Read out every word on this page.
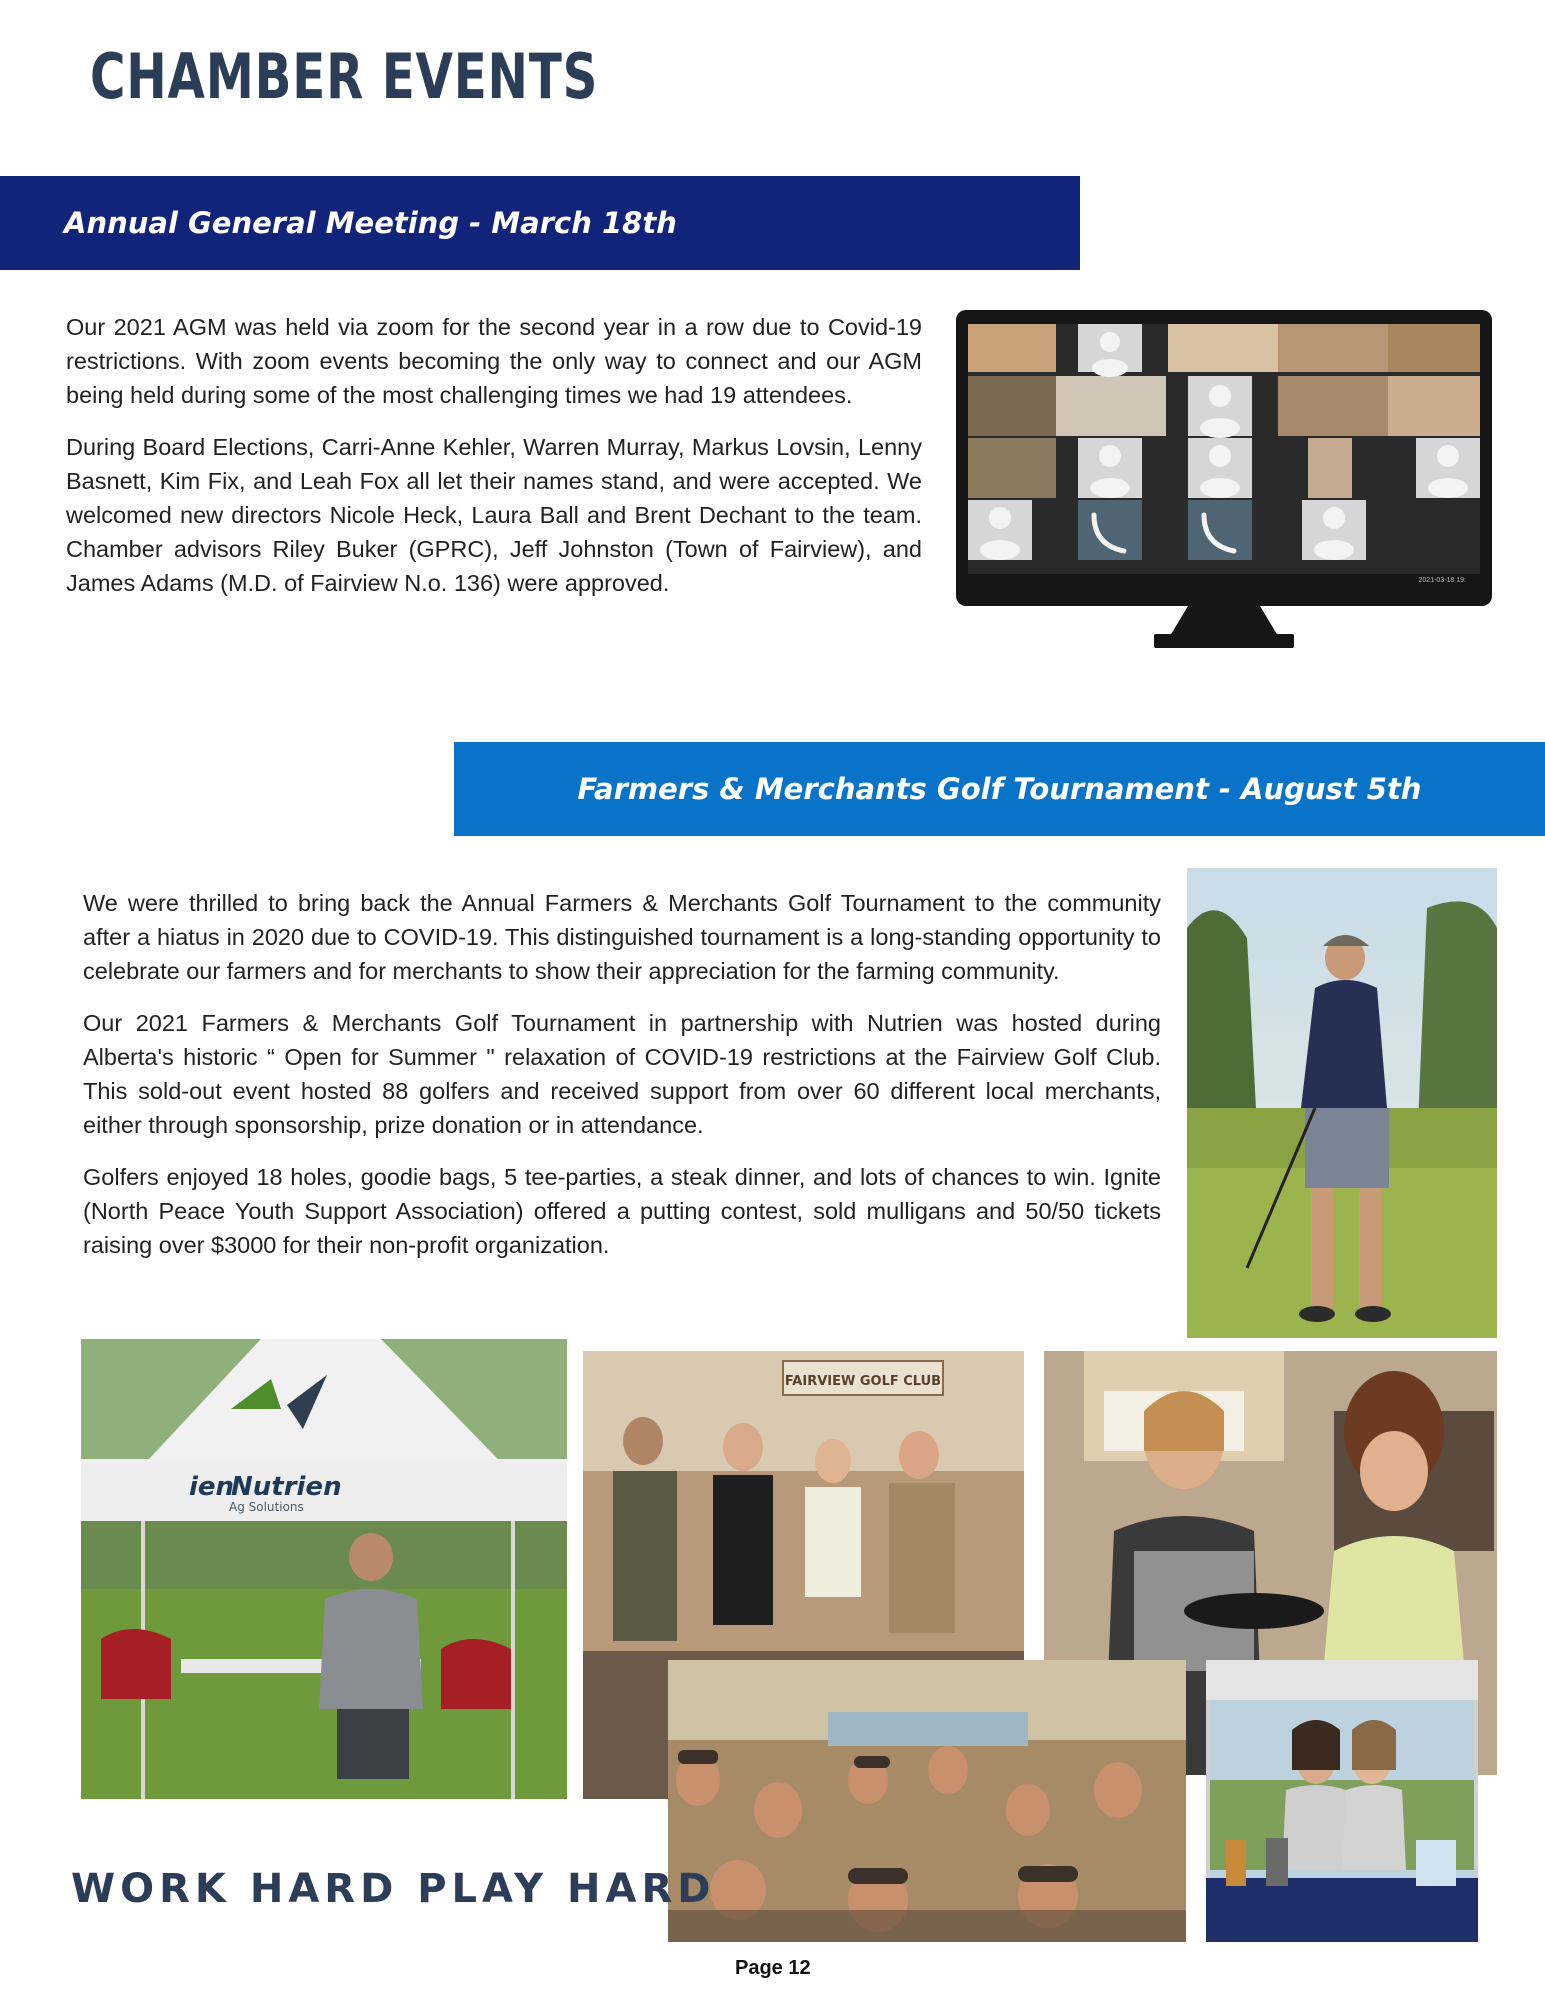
CHAMBER EVENTS
Annual General Meeting - March 18th

Our 2021 AGM was held via zoom for the second year in a row due to Covid-19 restrictions. With zoom events becoming the only way to connect and our AGM being held during some of the most challenging times we had 19 attendees.

During Board Elections, Carri-Anne Kehler, Warren Murray, Markus Lovsin, Lenny Basnett, Kim Fix, and Leah Fox all let their names stand, and were accepted. We welcomed new directors Nicole Heck, Laura Ball and Brent Dechant to the team. Chamber advisors Riley Buker (GPRC), Jeff Johnston (Town of Fairview), and James Adams (M.D. of Fairview N.o. 136) were approved.	2021-03-18 19:
Farmers & Merchants Golf Tournament - August 5th

We were thrilled to bring back the Annual Farmers & Merchants Golf Tournament to the community after a hiatus in 2020 due to COVID-19. This distinguished tournament is a long-standing opportunity to celebrate our farmers and for merchants to show their appreciation for the farming community.

Our 2021 Farmers & Merchants Golf Tournament in partnership with Nutrien was hosted during Alberta's historic “ Open for Summer " relaxation of COVID-19 restrictions at the Fairview Golf Club. This sold-out event hosted 88 golfers and received support from over 60 different local merchants, either through sponsorship, prize donation or in attendance.

Golfers enjoyed 18 holes, goodie bags, 5 tee-parties, a steak dinner, and lots of chances to win. Ignite (North Peace Youth Support Association) offered a putting contest, sold mulligans and 50/50 tickets raising over $3000 for their non-profit organization.

Nutrien
ien
Ag Solutions
FAIRVIEW GOLF CLUB
WORK HARD PLAY HARD
Page 12
